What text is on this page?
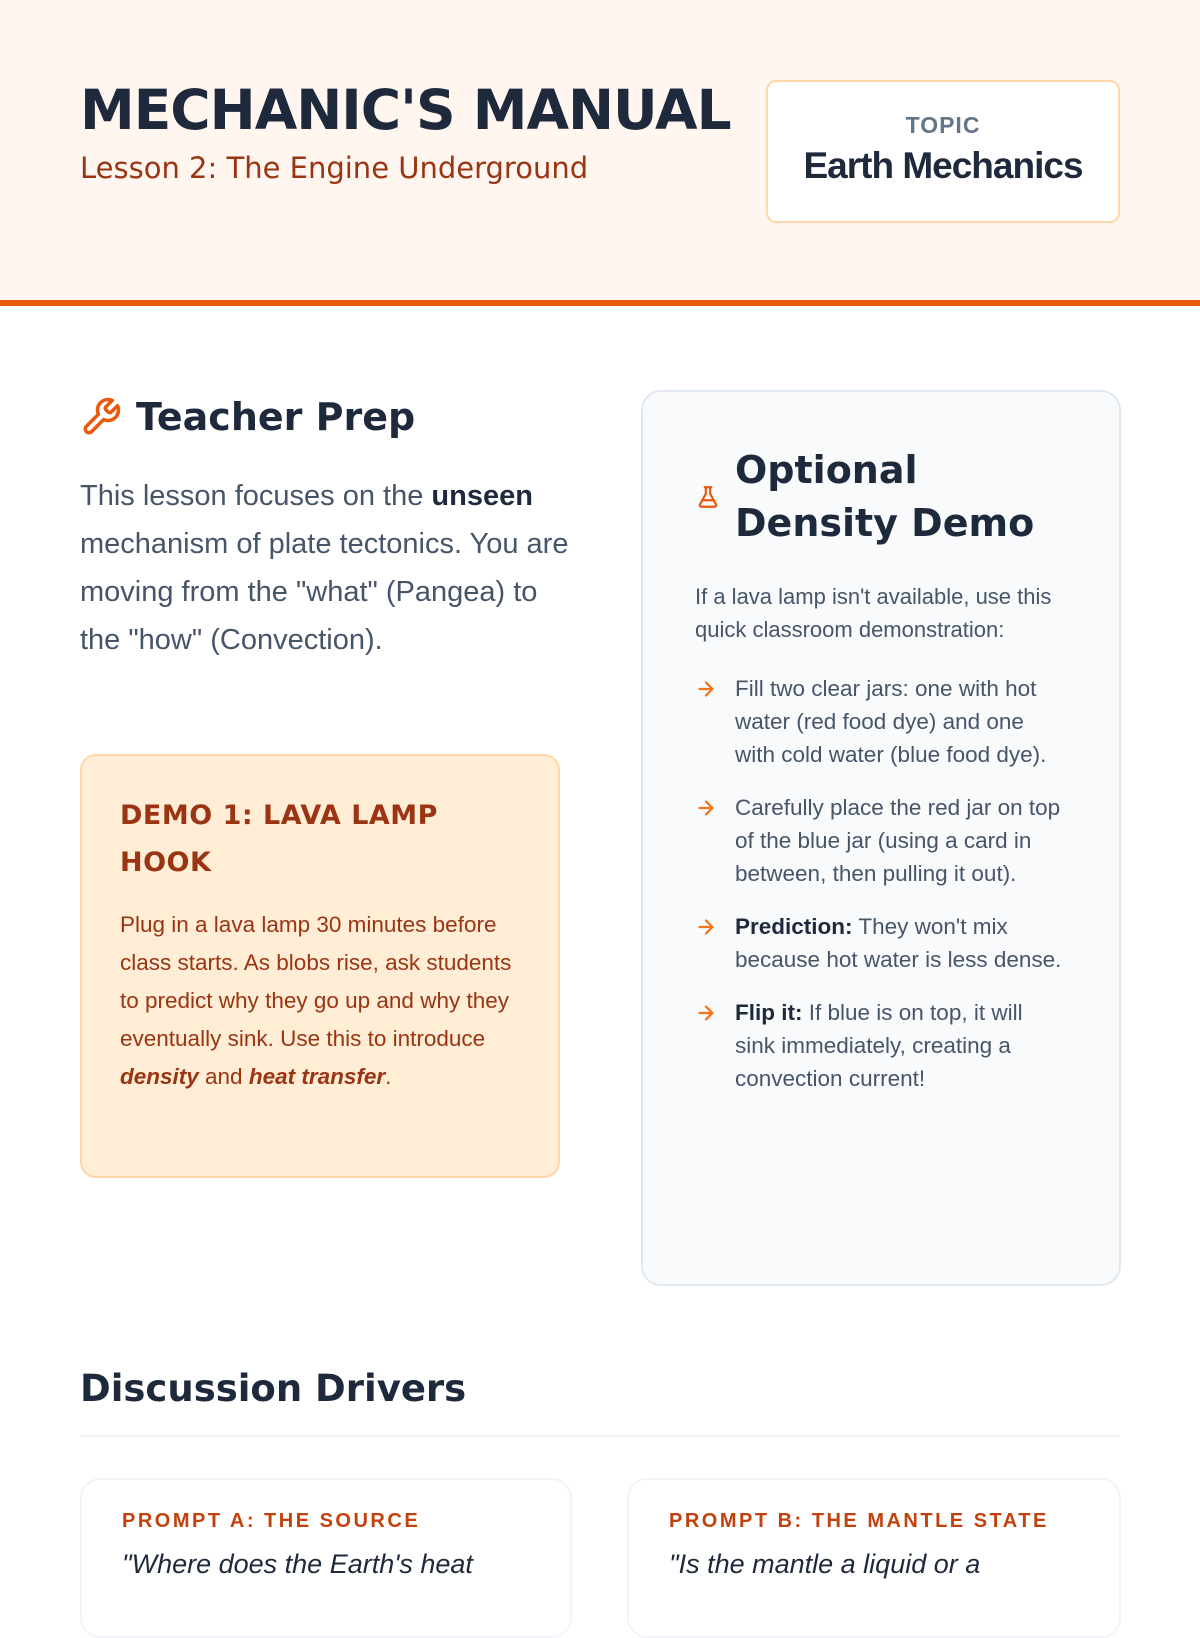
MECHANIC'S MANUAL
Lesson 2: The Engine Underground
TOPIC
Earth Mechanics
Teacher Prep

This lesson focuses on the unseen mechanism of plate tectonics. You are moving from the "what" (Pangea) to the "how" (Convection).

DEMO 1: LAVA LAMP HOOK

Plug in a lava lamp 30 minutes before class starts. As blobs rise, ask students to predict why they go up and why they eventually sink. Use this to introduce density and heat transfer.

Optional Density Demo

If a lava lamp isn't available, use this quick classroom demonstration:

Fill two clear jars: one with hot water (red food dye) and one with cold water (blue food dye).
Carefully place the red jar on top of the blue jar (using a card in between, then pulling it out).
Prediction: They won't mix because hot water is less dense.
Flip it: If blue is on top, it will sink immediately, creating a convection current!
Discussion Drivers
PROMPT A: THE SOURCE
"Where does the Earth's heat
PROMPT B: THE MANTLE STATE
"Is the mantle a liquid or a
